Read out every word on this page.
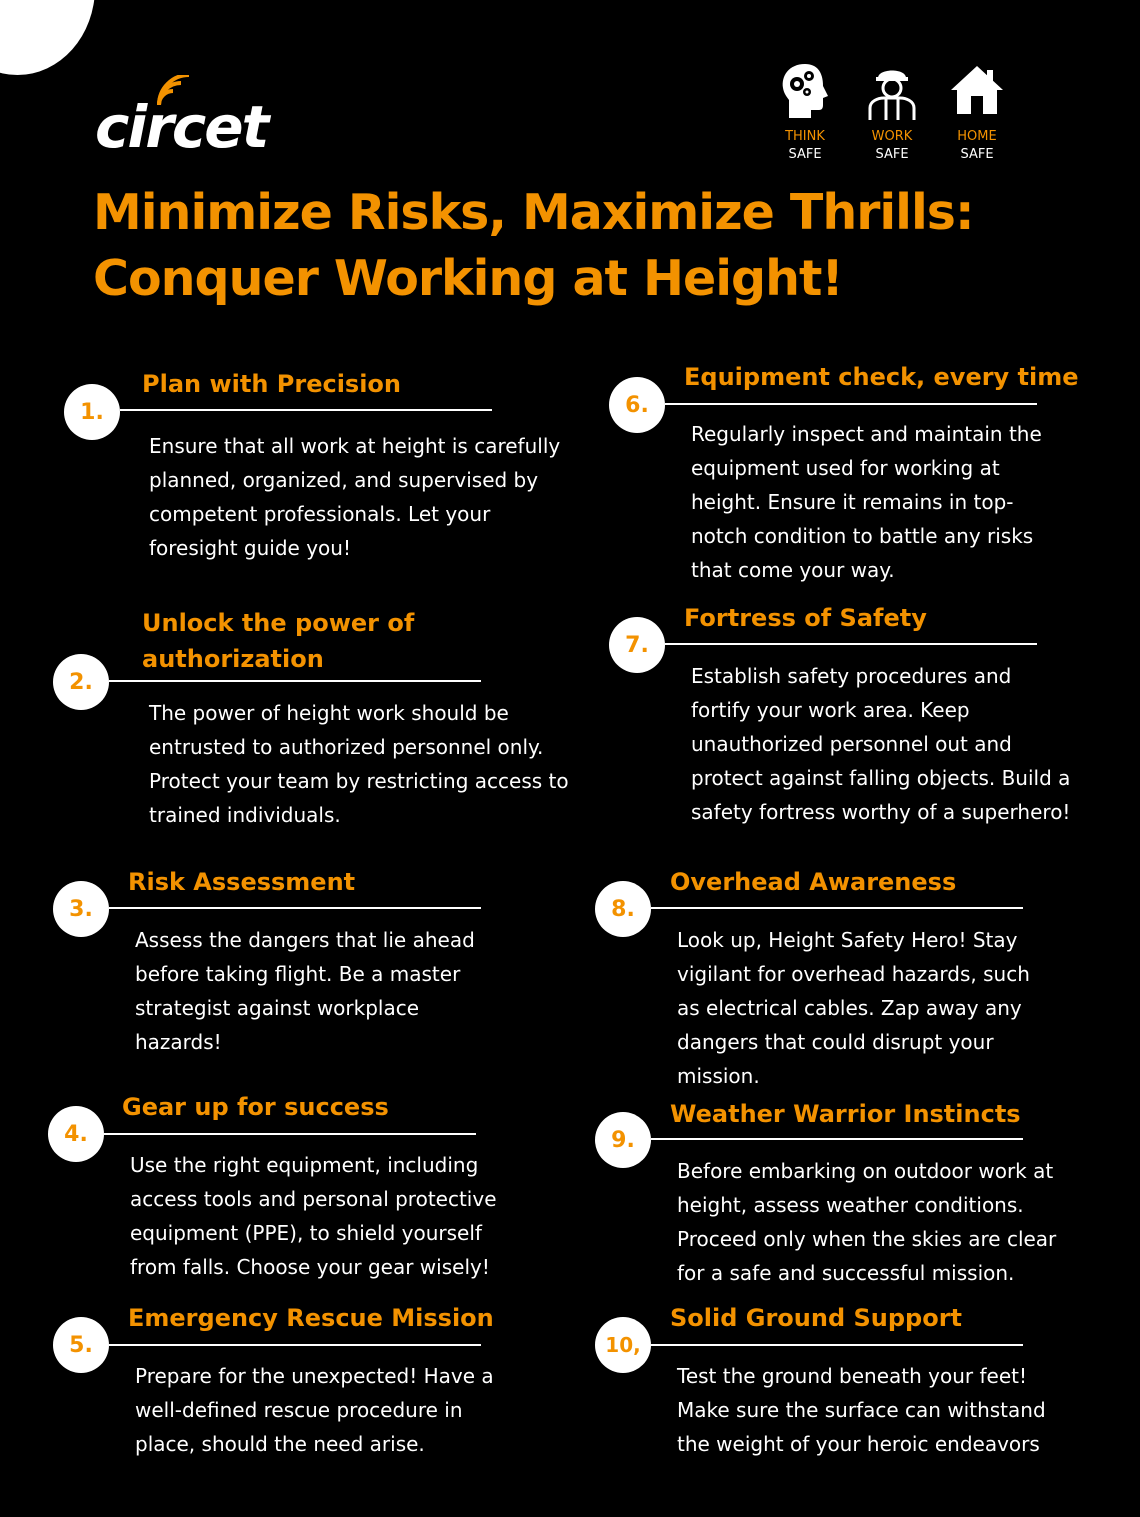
circet	THINK
SAFE
WORK
SAFE
HOME
SAFE
Minimize Risks, Maximize Thrills:
Conquer Working at Height!
1.
Plan with Precision
Ensure that all work at height is carefully planned, organized, and supervised by competent professionals. Let your foresight guide you!
2.
Unlock the power of authorization
The power of height work should be entrusted to authorized personnel only. Protect your team by restricting access to trained individuals.
3.
Risk Assessment
Assess the dangers that lie ahead before taking flight. Be a master strategist against workplace hazards!
4.
Gear up for success
Use the right equipment, including access tools and personal protective equipment (PPE), to shield yourself from falls. Choose your gear wisely!
5.
Emergency Rescue Mission
Prepare for the unexpected! Have a well-defined rescue procedure in place, should the need arise.
6.
Equipment check, every time
Regularly inspect and maintain the equipment used for working at height. Ensure it remains in top-notch condition to battle any risks that come your way.
7.
Fortress of Safety
Establish safety procedures and fortify your work area. Keep unauthorized personnel out and protect against falling objects. Build a safety fortress worthy of a superhero!
8.
Overhead Awareness
Look up, Height Safety Hero! Stay vigilant for overhead hazards, such as electrical cables. Zap away any dangers that could disrupt your mission.
9.
Weather Warrior Instincts
Before embarking on outdoor work at height, assess weather conditions. Proceed only when the skies are clear for a safe and successful mission.
10,
Solid Ground Support
Test the ground beneath your feet! Make sure the surface can withstand the weight of your heroic endeavors
